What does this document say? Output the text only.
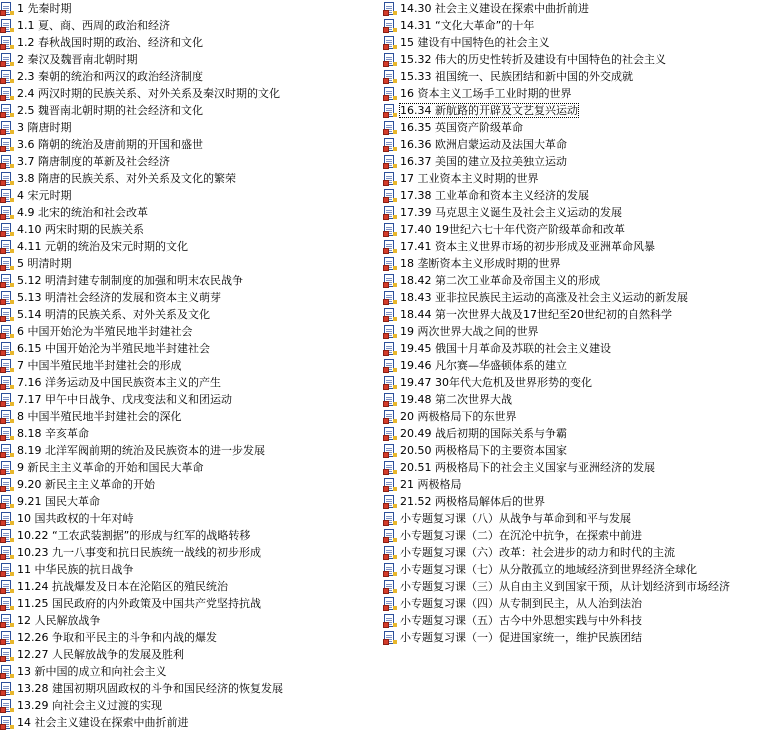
1 先秦时期
1.1 夏、商、西周的政治和经济
1.2 春秋战国时期的政治、经济和文化
2 秦汉及魏晋南北朝时期
2.3 秦朝的统治和两汉的政治经济制度
2.4 两汉时期的民族关系、对外关系及秦汉时期的文化
2.5 魏晋南北朝时期的社会经济和文化
3 隋唐时期
3.6 隋朝的统治及唐前期的开国和盛世
3.7 隋唐制度的革新及社会经济
3.8 隋唐的民族关系、对外关系及文化的繁荣
4 宋元时期
4.9 北宋的统治和社会改革
4.10 两宋时期的民族关系
4.11 元朝的统治及宋元时期的文化
5 明清时期
5.12 明清封建专制制度的加强和明末农民战争
5.13 明清社会经济的发展和资本主义萌芽
5.14 明清的民族关系、对外关系及文化
6 中国开始沦为半殖民地半封建社会
6.15 中国开始沦为半殖民地半封建社会
7 中国半殖民地半封建社会的形成
7.16 洋务运动及中国民族资本主义的产生
7.17 甲午中日战争、戊戌变法和义和团运动
8 中国半殖民地半封建社会的深化
8.18 辛亥革命
8.19 北洋军阀前期的统治及民族资本的进一步发展
9 新民主主义革命的开始和国民大革命
9.20 新民主主义革命的开始
9.21 国民大革命
10 国共政权的十年对峙
10.22 “工农武装割据”的形成与红军的战略转移
10.23 九一八事变和抗日民族统一战线的初步形成
11 中华民族的抗日战争
11.24 抗战爆发及日本在沦陷区的殖民统治
11.25 国民政府的内外政策及中国共产党坚持抗战
12 人民解放战争
12.26 争取和平民主的斗争和内战的爆发
12.27 人民解放战争的发展及胜利
13 新中国的成立和向社会主义
13.28 建国初期巩固政权的斗争和国民经济的恢复发展
13.29 向社会主义过渡的实现
14 社会主义建设在探索中曲折前进
14.30 社会主义建设在探索中曲折前进
14.31 “文化大革命”的十年
15 建设有中国特色的社会主义
15.32 伟大的历史性转折及建设有中国特色的社会主义
15.33 祖国统一、民族团结和新中国的外交成就
16 资本主义工场手工业时期的世界
16.34 新航路的开辟及文艺复兴运动
16.35 英国资产阶级革命
16.36 欧洲启蒙运动及法国大革命
16.37 美国的建立及拉美独立运动
17 工业资本主义时期的世界
17.38 工业革命和资本主义经济的发展
17.39 马克思主义诞生及社会主义运动的发展
17.40 19世纪六七十年代资产阶级革命和改革
17.41 资本主义世界市场的初步形成及亚洲革命风暴
18 垄断资本主义形成时期的世界
18.42 第二次工业革命及帝国主义的形成
18.43 亚非拉民族民主运动的高涨及社会主义运动的新发展
18.44 第一次世界大战及17世纪至20世纪初的自然科学
19 两次世界大战之间的世界
19.45 俄国十月革命及苏联的社会主义建设
19.46 凡尔赛—华盛顿体系的建立
19.47 30年代大危机及世界形势的变化
19.48 第二次世界大战
20 两极格局下的东世界
20.49 战后初期的国际关系与争霸
20.50 两极格局下的主要资本国家
20.51 两极格局下的社会主义国家与亚洲经济的发展
21 两极格局
21.52 两极格局解体后的世界
小专题复习课（八）从战争与革命到和平与发展
小专题复习课（二）在沉沦中抗争，在探索中前进
小专题复习课（六）改革：社会进步的动力和时代的主流
小专题复习课（七）从分散孤立的地域经济到世界经济全球化
小专题复习课（三）从自由主义到国家干预，从计划经济到市场经济
小专题复习课（四）从专制到民主，从人治到法治
小专题复习课（五）古今中外思想实践与中外科技
小专题复习课（一）促进国家统一，维护民族团结
